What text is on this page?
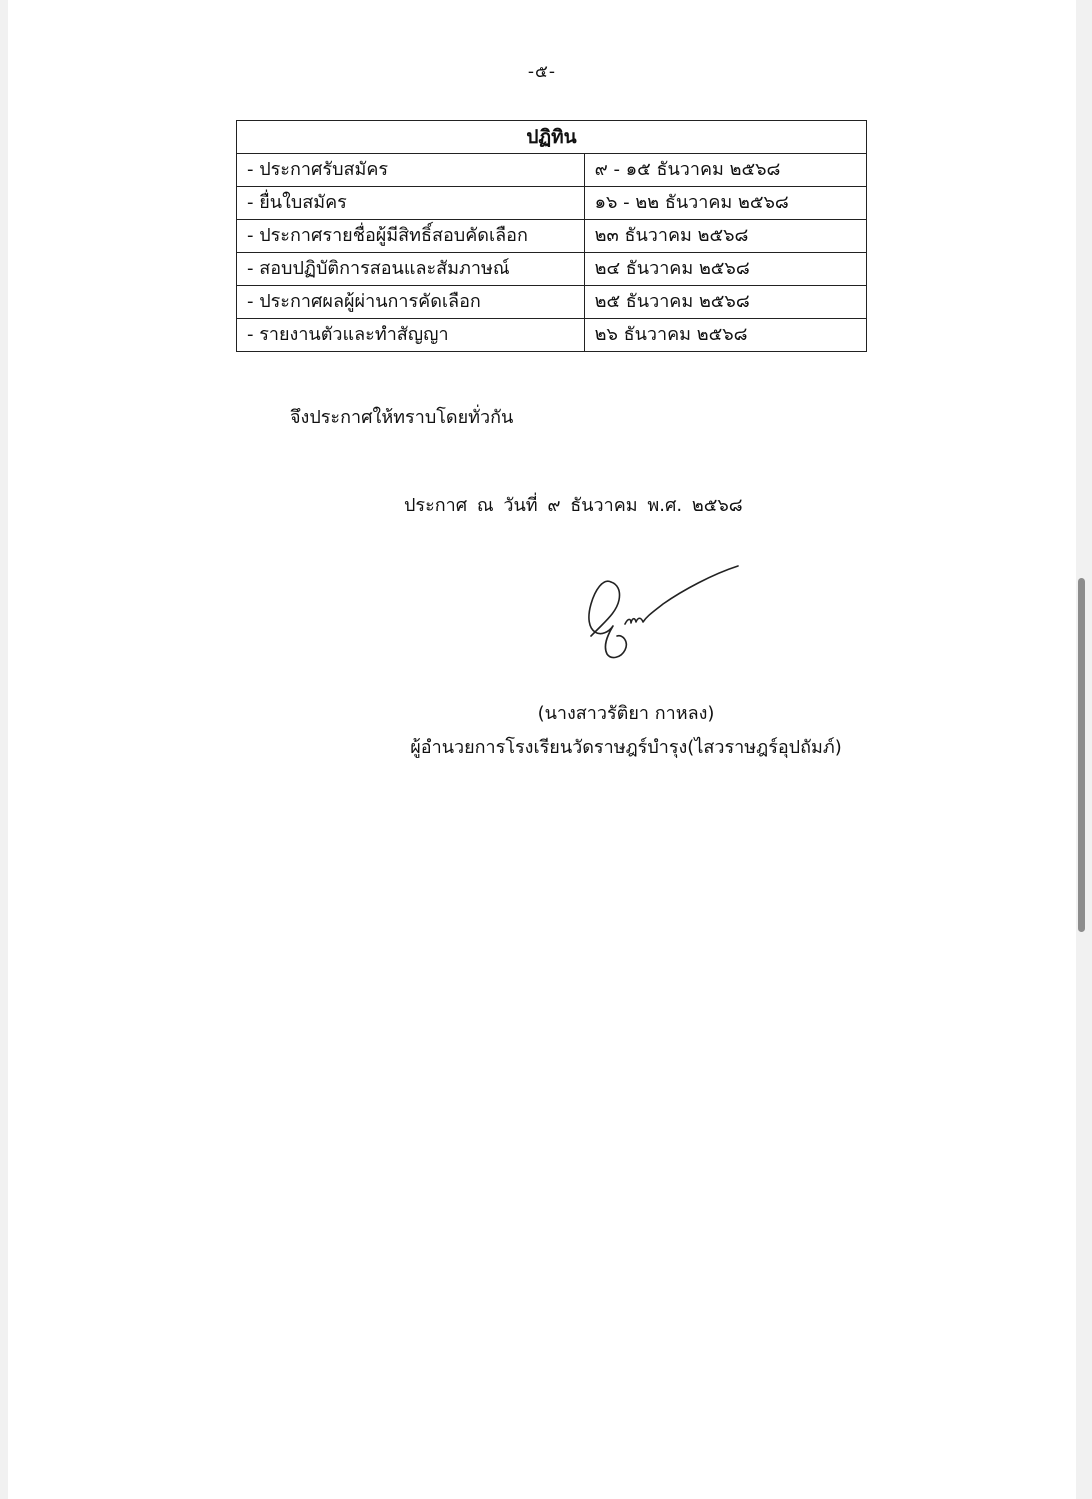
-๕-
ปฏิทิน	
- ประกาศรับสมัคร	๙ - ๑๕ ธันวาคม ๒๕๖๘
- ยื่นใบสมัคร	๑๖ - ๒๒ ธันวาคม ๒๕๖๘
- ประกาศรายชื่อผู้มีสิทธิ์สอบคัดเลือก	๒๓ ธันวาคม ๒๕๖๘
- สอบปฏิบัติการสอนและสัมภาษณ์	๒๔ ธันวาคม ๒๕๖๘
- ประกาศผลผู้ผ่านการคัดเลือก	๒๕ ธันวาคม ๒๕๖๘
- รายงานตัวและทำสัญญา	๒๖ ธันวาคม ๒๕๖๘
จึงประกาศให้ทราบโดยทั่วกัน
ประกาศ ณ วันที่ ๙ ธันวาคม พ.ศ. ๒๕๖๘
(นางสาวรัติยา กาหลง)
ผู้อำนวยการโรงเรียนวัดราษฎร์บำรุง(ไสวราษฎร์อุปถัมภ์)
